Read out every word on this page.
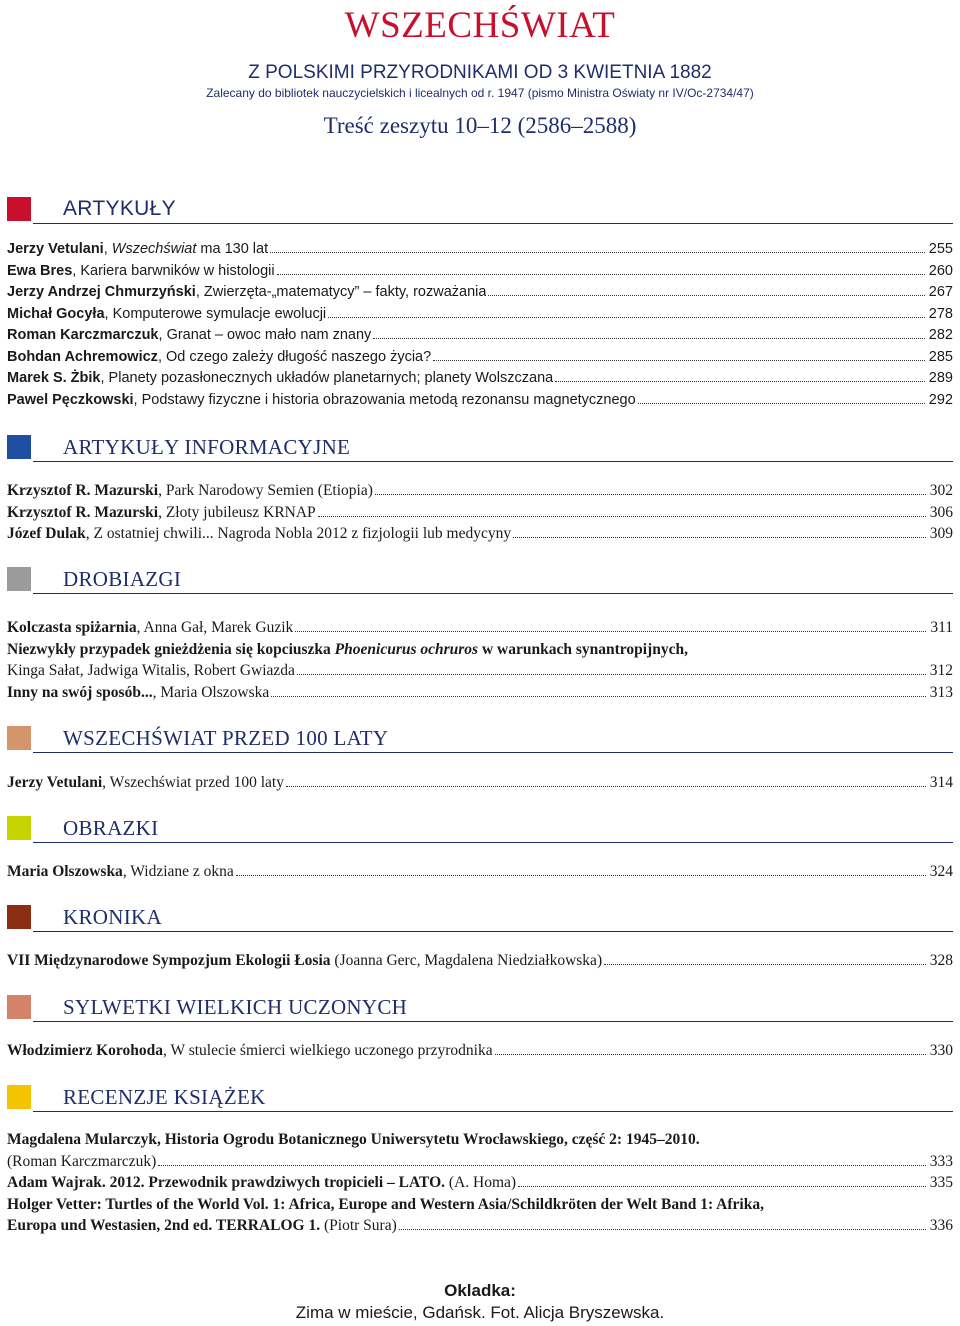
WSZECHŚWIAT
Z POLSKIMI PRZYRODNIKAMI OD 3 KWIETNIA 1882
Zalecany do bibliotek nauczycielskich i licealnych od r. 1947 (pismo Ministra Oświaty nr IV/Oc-2734/47)
Treść zeszytu 10–12 (2586–2588)
ARTYKUŁY
Jerzy Vetulani, Wszechświat ma 130 lat	255
Ewa Bres, Kariera barwników w histologii	260
Jerzy Andrzej Chmurzyński, Zwierzęta-„matematycy” – fakty, rozważania	267
Michał Gocyła, Komputerowe symulacje ewolucji	278
Roman Karczmarczuk, Granat – owoc mało nam znany	282
Bohdan Achremowicz, Od czego zależy długość naszego życia?	285
Marek S. Żbik, Planety pozasłonecznych układów planetarnych; planety Wolszczana	289
Pawel Pęczkowski, Podstawy fizyczne i historia obrazowania metodą rezonansu magnetycznego	292
ARTYKUŁY INFORMACYJNE
Krzysztof R. Mazurski, Park Narodowy Semien (Etiopia)	302
Krzysztof R. Mazurski, Złoty jubileusz KRNAP	306
Józef Dulak, Z ostatniej chwili... Nagroda Nobla 2012 z fizjologii lub medycyny	309
DROBIAZGI
Kolczasta spiżarnia, Anna Gał, Marek Guzik	311
Niezwykły przypadek gnieżdżenia się kopciuszka Phoenicurus ochruros w warunkach synantropijnych,
Kinga Sałat, Jadwiga Witalis, Robert Gwiazda	312
Inny na swój sposób..., Maria Olszowska	313
WSZECHŚWIAT PRZED 100 LATY
Jerzy Vetulani, Wszechświat przed 100 laty	314
OBRAZKI
Maria Olszowska, Widziane z okna	324
KRONIKA
VII Międzynarodowe Sympozjum Ekologii Łosia (Joanna Gerc, Magdalena Niedziałkowska)	328
SYLWETKI WIELKICH UCZONYCH
Włodzimierz Korohoda, W stulecie śmierci wielkiego uczonego przyrodnika	330
RECENZJE KSIĄŻEK
Magdalena Mularczyk, Historia Ogrodu Botanicznego Uniwersytetu Wrocławskiego, część 2: 1945–2010.
(Roman Karczmarczuk)	333
Adam Wajrak. 2012. Przewodnik prawdziwych tropicieli – LATO. (A. Homa)	335
Holger Vetter: Turtles of the World Vol. 1: Africa, Europe and Western Asia/Schildkröten der Welt Band 1: Afrika,
Europa und Westasien, 2nd ed. TERRALOG 1. (Piotr Sura)	336
Okladka:
Zima w mieście, Gdańsk. Fot. Alicja Bryszewska.
